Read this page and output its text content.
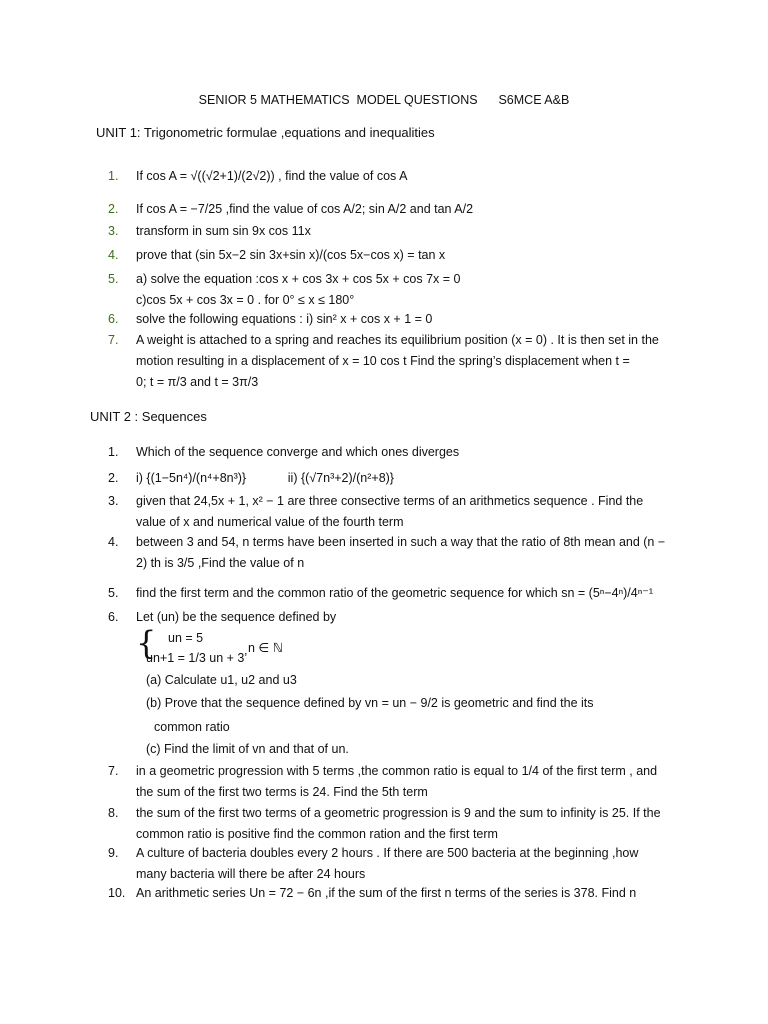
SENIOR 5 MATHEMATICS  MODEL QUESTIONS      S6MCE A&B
UNIT 1: Trigonometric formulae ,equations and inequalities
1.	If cos A = √((√2+1)/(2√2)) , find the value of cos A
2.	If cos A = −7/25 ,find the value of cos A/2; sin A/2 and tan A/2
3.	transform in sum sin 9x cos 11x
4.	prove that (sin 5x−2 sin 3x+sin x)/(cos 5x−cos x) = tan x
5.	a) solve the equation :cos x + cos 3x + cos 5x + cos 7x = 0
c)cos 5x + cos 3x = 0 . for 0° ≤ x ≤ 180°
6.	solve the following equations : i) sin² x + cos x + 1 = 0
7.	A weight is attached to a spring and reaches its equilibrium position (x = 0) . It is then set in the
motion resulting in a displacement of x = 10 cos t Find the spring’s displacement when t =
0; t = π/3 and t = 3π/3
UNIT 2 : Sequences
1.	Which of the sequence converge and which ones diverges
2.	i) {(1−5n⁴)/(n⁴+8n³)}            ii) {(√7n³+2)/(n²+8)}
3.	given that 24,5x + 1, x² − 1 are three consective terms of an arithmetics sequence . Find the
value of x and numerical value of the fourth term
4.	between 3 and 54, n terms have been inserted in such a way that the ratio of 8th mean and (n −
2) th is 3/5 ,Find the value of n
5.	find the first term and the common ratio of the geometric sequence for which sn = (5ⁿ−4ⁿ)/4ⁿ⁻¹
6.	Let (un) be the sequence defined by
{ un = 5
un+1 = 1/3 un + 3’
n ∈ ℕ
(a) Calculate u1, u2 and u3
(b) Prove that the sequence defined by vn = un − 9/2 is geometric and find the its
common ratio
(c) Find the limit of vn and that of un.
7.	in a geometric progression with 5 terms ,the common ratio is equal to 1/4 of the first term , and
the sum of the first two terms is 24. Find the 5th term
8.	the sum of the first two terms of a geometric progression is 9 and the sum to infinity is 25. If the
common ratio is positive find the common ration and the first term
9.	A culture of bacteria doubles every 2 hours . If there are 500 bacteria at the beginning ,how
many bacteria will there be after 24 hours
10. An arithmetic series Un = 72 − 6n ,if the sum of the first n terms of the series is 378. Find n
